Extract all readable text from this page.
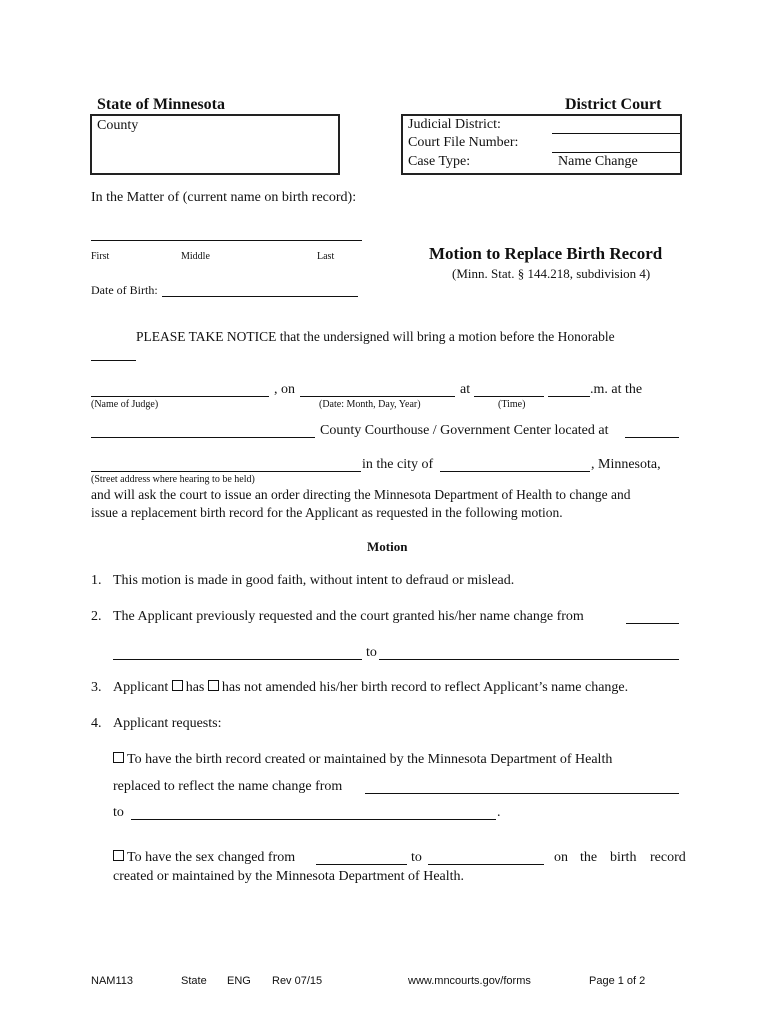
State of Minnesota	District Court
County	Judicial District:
Court File Number:
Case Type:	Name Change
In the Matter of (current name on birth record):
First	Middle	Last
Date of Birth:
Motion to Replace Birth Record
(Minn. Stat. § 144.218, subdivision 4)
PLEASE TAKE NOTICE that the undersigned will bring a motion before the Honorable
, on	at	.m. at the
(Name of Judge)	(Date: Month, Day, Year)	(Time)
County Courthouse / Government Center located at
in the city of	, Minnesota,
(Street address where hearing to be held)
and will ask the court to issue an order directing the Minnesota Department of Health to change and
issue a replacement birth record for the Applicant as requested in the following motion.
Motion
1. This motion is made in good faith, without intent to defraud or mislead.
2. The Applicant previously requested and the court granted his/her name change from
to
3. Applicant has has not amended his/her birth record to reflect Applicant’s name change.
4. Applicant requests:
To have the birth record created or maintained by the Minnesota Department of Health
replaced to reflect the name change from
to	.
To have the sex changed from	to	on the birth record
created or maintained by the Minnesota Department of Health.
NAM113	State ENG Rev 07/15	www.mncourts.gov/forms	Page 1 of 2
